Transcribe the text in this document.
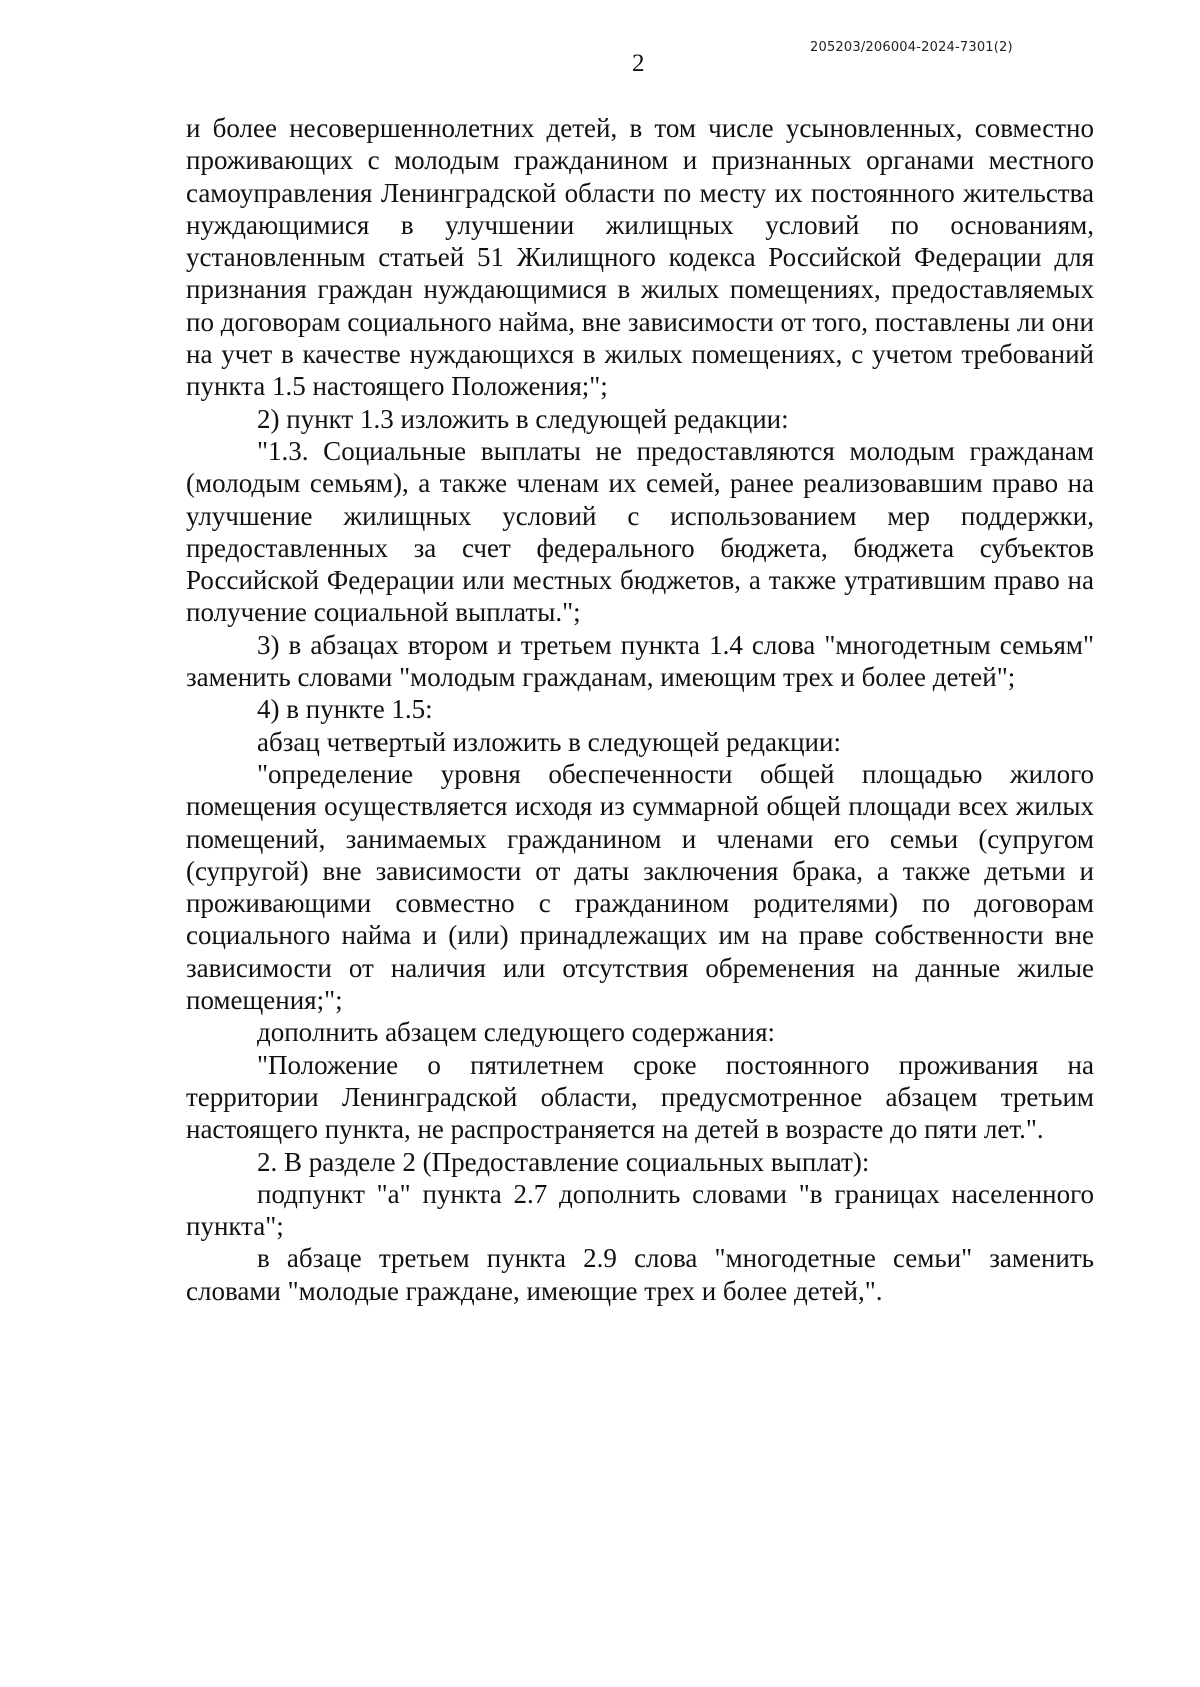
205203/206004-2024-7301(2)
2

и более несовершеннолетних детей, в том числе усыновленных, совместно проживающих с молодым гражданином и признанных органами местного самоуправления Ленинградской области по месту их постоянного жительства нуждающимися в улучшении жилищных условий по основаниям, установленным статьей 51 Жилищного кодекса Российской Федерации для признания граждан нуждающимися в жилых помещениях, предоставляемых по договорам социального найма, вне зависимости от того, поставлены ли они на учет в качестве нуждающихся в жилых помещениях, с учетом требований пункта 1.5 настоящего Положения;";

2) пункт 1.3 изложить в следующей редакции:

"1.3. Социальные выплаты не предоставляются молодым гражданам (молодым семьям), а также членам их семей, ранее реализовавшим право на улучшение жилищных условий с использованием мер поддержки, предоставленных за счет федерального бюджета, бюджета субъектов Российской Федерации или местных бюджетов, а также утратившим право на получение социальной выплаты.";

3) в абзацах втором и третьем пункта 1.4 слова "многодетным семьям" заменить словами "молодым гражданам, имеющим трех и более детей";

4) в пункте 1.5:

абзац четвертый изложить в следующей редакции:

"определение уровня обеспеченности общей площадью жилого помещения осуществляется исходя из суммарной общей площади всех жилых помещений, занимаемых гражданином и членами его семьи (супругом (супругой) вне зависимости от даты заключения брака, а также детьми и проживающими совместно с гражданином родителями) по договорам социального найма и (или) принадлежащих им на праве собственности вне зависимости от наличия или отсутствия обременения на данные жилые помещения;";

дополнить абзацем следующего содержания:

"Положение о пятилетнем сроке постоянного проживания на территории Ленинградской области, предусмотренное абзацем третьим настоящего пункта, не распространяется на детей в возрасте до пяти лет.".

2. В разделе 2 (Предоставление социальных выплат):

подпункт "а" пункта 2.7 дополнить словами "в границах населенного пункта";

в абзаце третьем пункта 2.9 слова "многодетные семьи" заменить словами "молодые граждане, имеющие трех и более детей,".
